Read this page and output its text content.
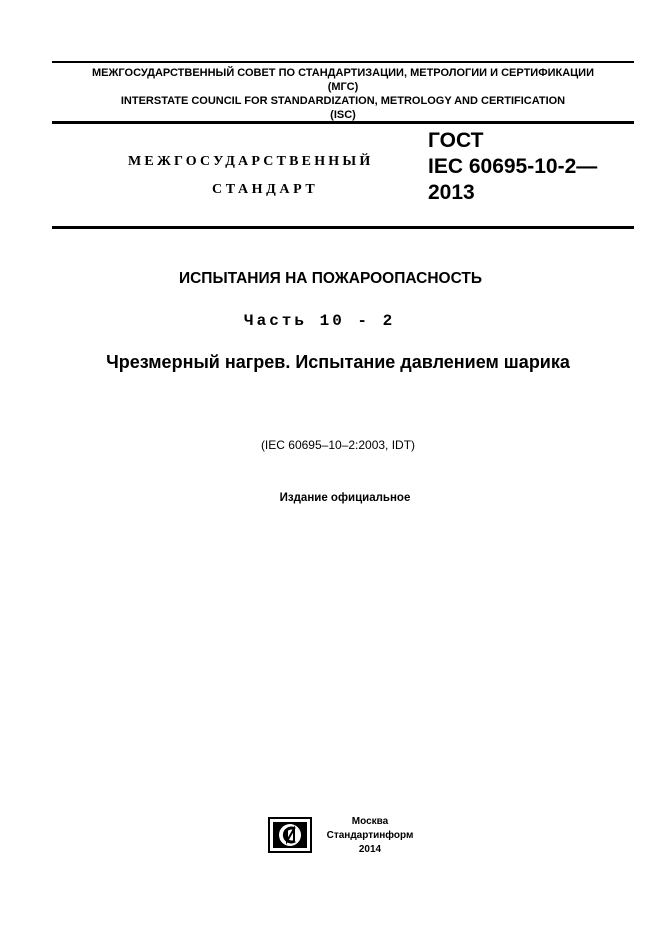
МЕЖГОСУДАРСТВЕННЫЙ СОВЕТ ПО СТАНДАРТИЗАЦИИ, МЕТРОЛОГИИ И СЕРТИФИКАЦИИ
(МГС)
INTERSTATE COUNCIL FOR STANDARDIZATION, METROLOGY AND CERTIFICATION
(ISC)
МЕЖГОСУДАРСТВЕННЫЙ
СТАНДАРТ
ГОСТ
IEC 60695-10-2—
2013
ИСПЫТАНИЯ НА ПОЖАРООПАСНОСТЬ
Часть 10 - 2
Чрезмерный нагрев. Испытание давлением шарика
(IEC 60695–10–2:2003, IDT)
Издание официальное
Москва
Стандартинформ
2014
